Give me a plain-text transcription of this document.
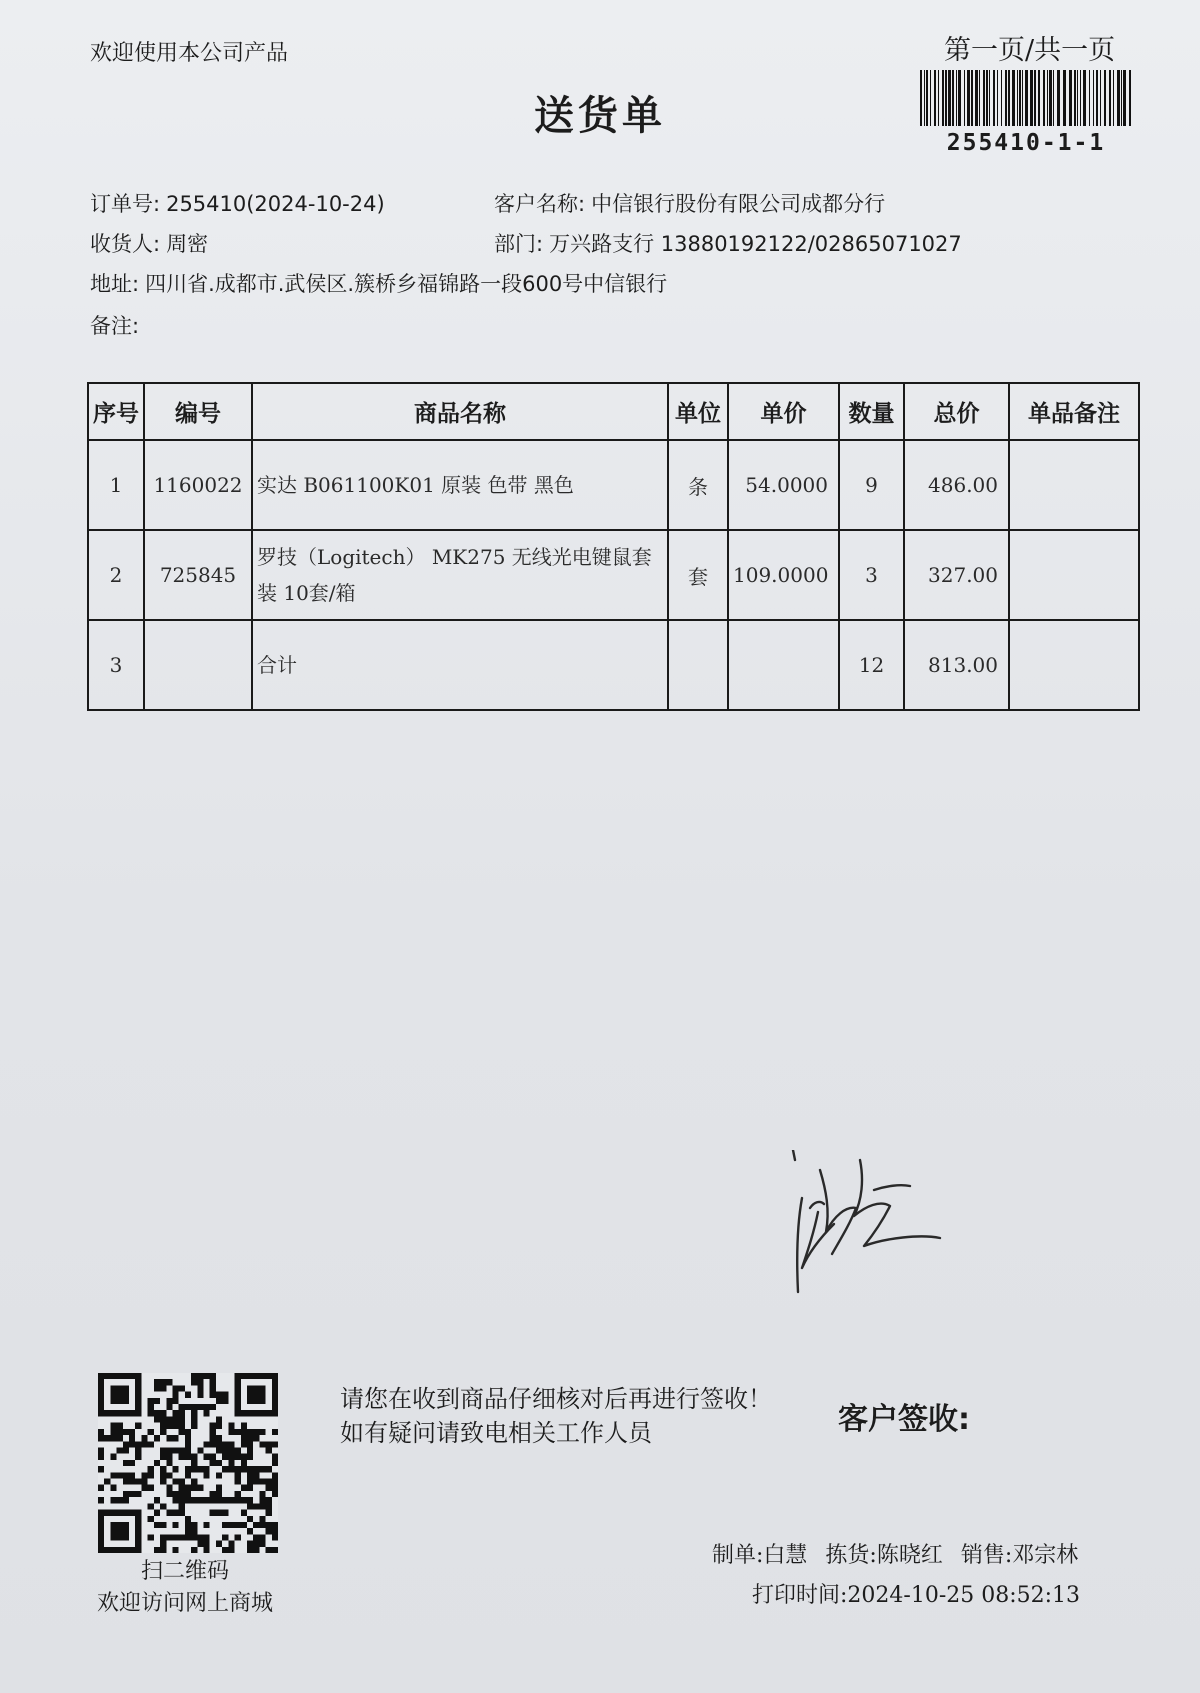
欢迎使用本公司产品	第一页/共一页
送货单
255410-1-1
订单号: 255410(2024-10-24)	客户名称: 中信银行股份有限公司成都分行
收货人: 周密	部门: 万兴路支行 13880192122/02865071027
地址: 四川省.成都市.武侯区.簇桥乡福锦路一段600号中信银行
备注:
序号	编号	商品名称	单位	单价	数量	总价	单品备注
1	1160022	实达 B061100K01 原装 色带 黑色	条	54.0000	9	486.00	
2	725845	罗技（Logitech） MK275 无线光电键鼠套装 10套/箱	套	109.0000	3	327.00	
3		合计			12	813.00	
扫二维码
欢迎访问网上商城
请您在收到商品仔细核对后再进行签收！如有疑问请致电相关工作人员	客户签收:
制单:白慧 拣货:陈晓红 销售:邓宗林
打印时间:2024-10-25 08:52:13
